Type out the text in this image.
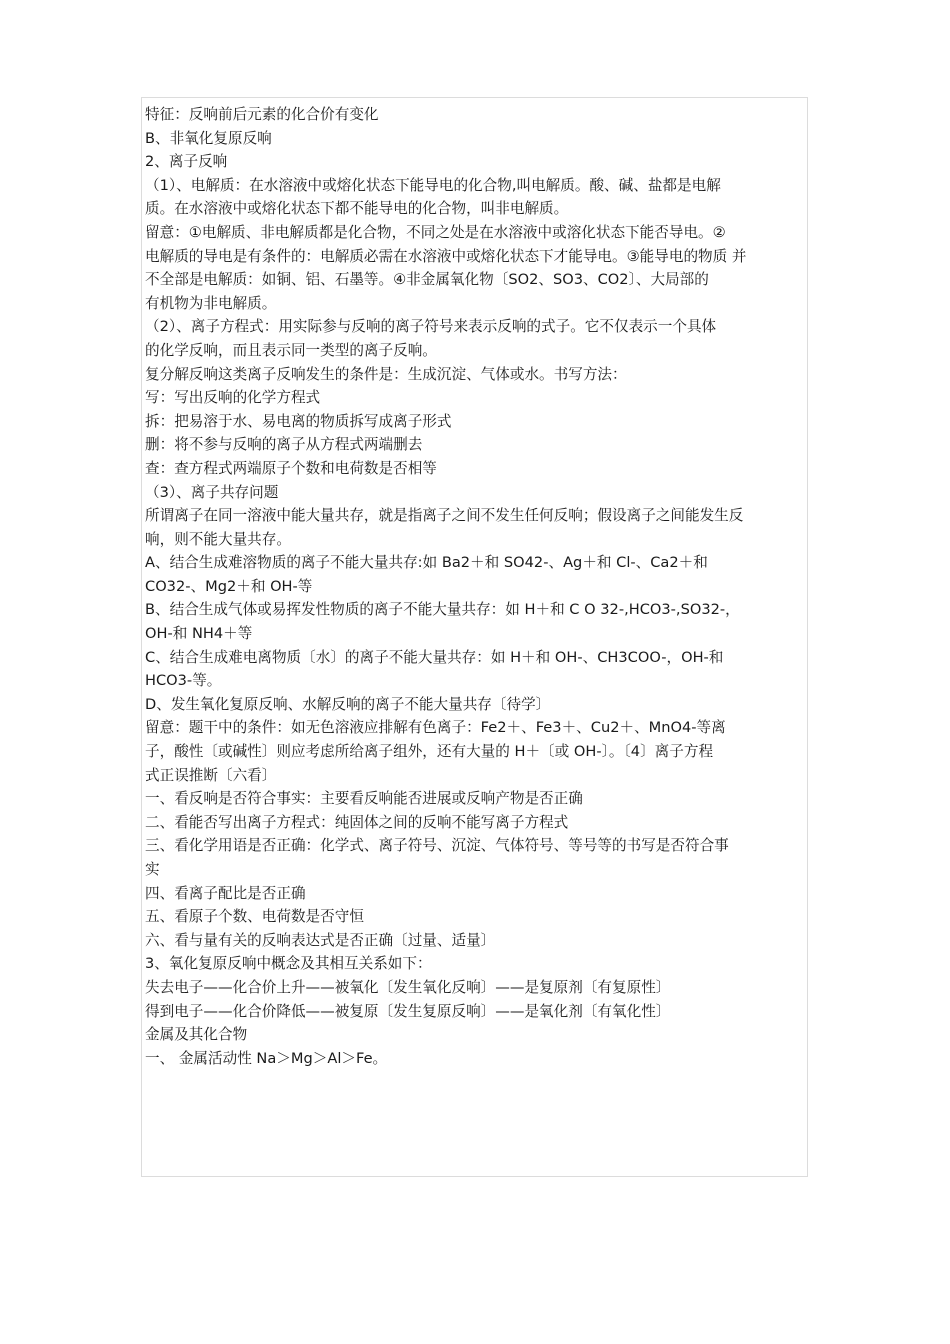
特征：反响前后元素的化合价有变化

B、非氧化复原反响

2、离子反响

（1）、电解质：在水溶液中或熔化状态下能导电的化合物,叫电解质。酸、碱、盐都是电解

质。在水溶液中或熔化状态下都不能导电的化合物，叫非电解质。

留意：①电解质、非电解质都是化合物，不同之处是在水溶液中或溶化状态下能否导电。②

电解质的导电是有条件的：电解质必需在水溶液中或熔化状态下才能导电。③能导电的物质 并

不全部是电解质：如铜、铝、石墨等。④非金属氧化物〔SO2、SO3、CO2〕、大局部的

有机物为非电解质。

（2）、离子方程式：用实际参与反响的离子符号来表示反响的式子。它不仅表示一个具体

的化学反响，而且表示同一类型的离子反响。

复分解反响这类离子反响发生的条件是：生成沉淀、气体或水。书写方法：

写：写出反响的化学方程式

拆：把易溶于水、易电离的物质拆写成离子形式

删：将不参与反响的离子从方程式两端删去

查：查方程式两端原子个数和电荷数是否相等

（3）、离子共存问题

所谓离子在同一溶液中能大量共存，就是指离子之间不发生任何反响；假设离子之间能发生反

响，则不能大量共存。

A、结合生成难溶物质的离子不能大量共存:如 Ba2＋和 SO42-、Ag＋和 Cl-、Ca2＋和

CO32-、Mg2＋和 OH-等

B、结合生成气体或易挥发性物质的离子不能大量共存：如 H＋和 C O 32-,HCO3-,SO32-，

OH-和 NH4＋等

C、结合生成难电离物质〔水〕的离子不能大量共存：如 H＋和 OH-、CH3COO-，OH-和

HCO3-等。

D、发生氧化复原反响、水解反响的离子不能大量共存〔待学〕

留意：题干中的条件：如无色溶液应排解有色离子：Fe2＋、Fe3＋、Cu2＋、MnO4-等离

子，酸性〔或碱性〕则应考虑所给离子组外，还有大量的 H＋〔或 OH-〕。〔4〕离子方程

式正误推断〔六看〕

一、看反响是否符合事实：主要看反响能否进展或反响产物是否正确

二、看能否写出离子方程式：纯固体之间的反响不能写离子方程式

三、看化学用语是否正确：化学式、离子符号、沉淀、气体符号、等号等的书写是否符合事

实

四、看离子配比是否正确

五、看原子个数、电荷数是否守恒

六、看与量有关的反响表达式是否正确〔过量、适量〕

3、氧化复原反响中概念及其相互关系如下：

失去电子——化合价上升——被氧化〔发生氧化反响〕——是复原剂〔有复原性〕

得到电子——化合价降低——被复原〔发生复原反响〕——是氧化剂〔有氧化性〕

金属及其化合物

一、 金属活动性 Na＞Mg＞Al＞Fe。
